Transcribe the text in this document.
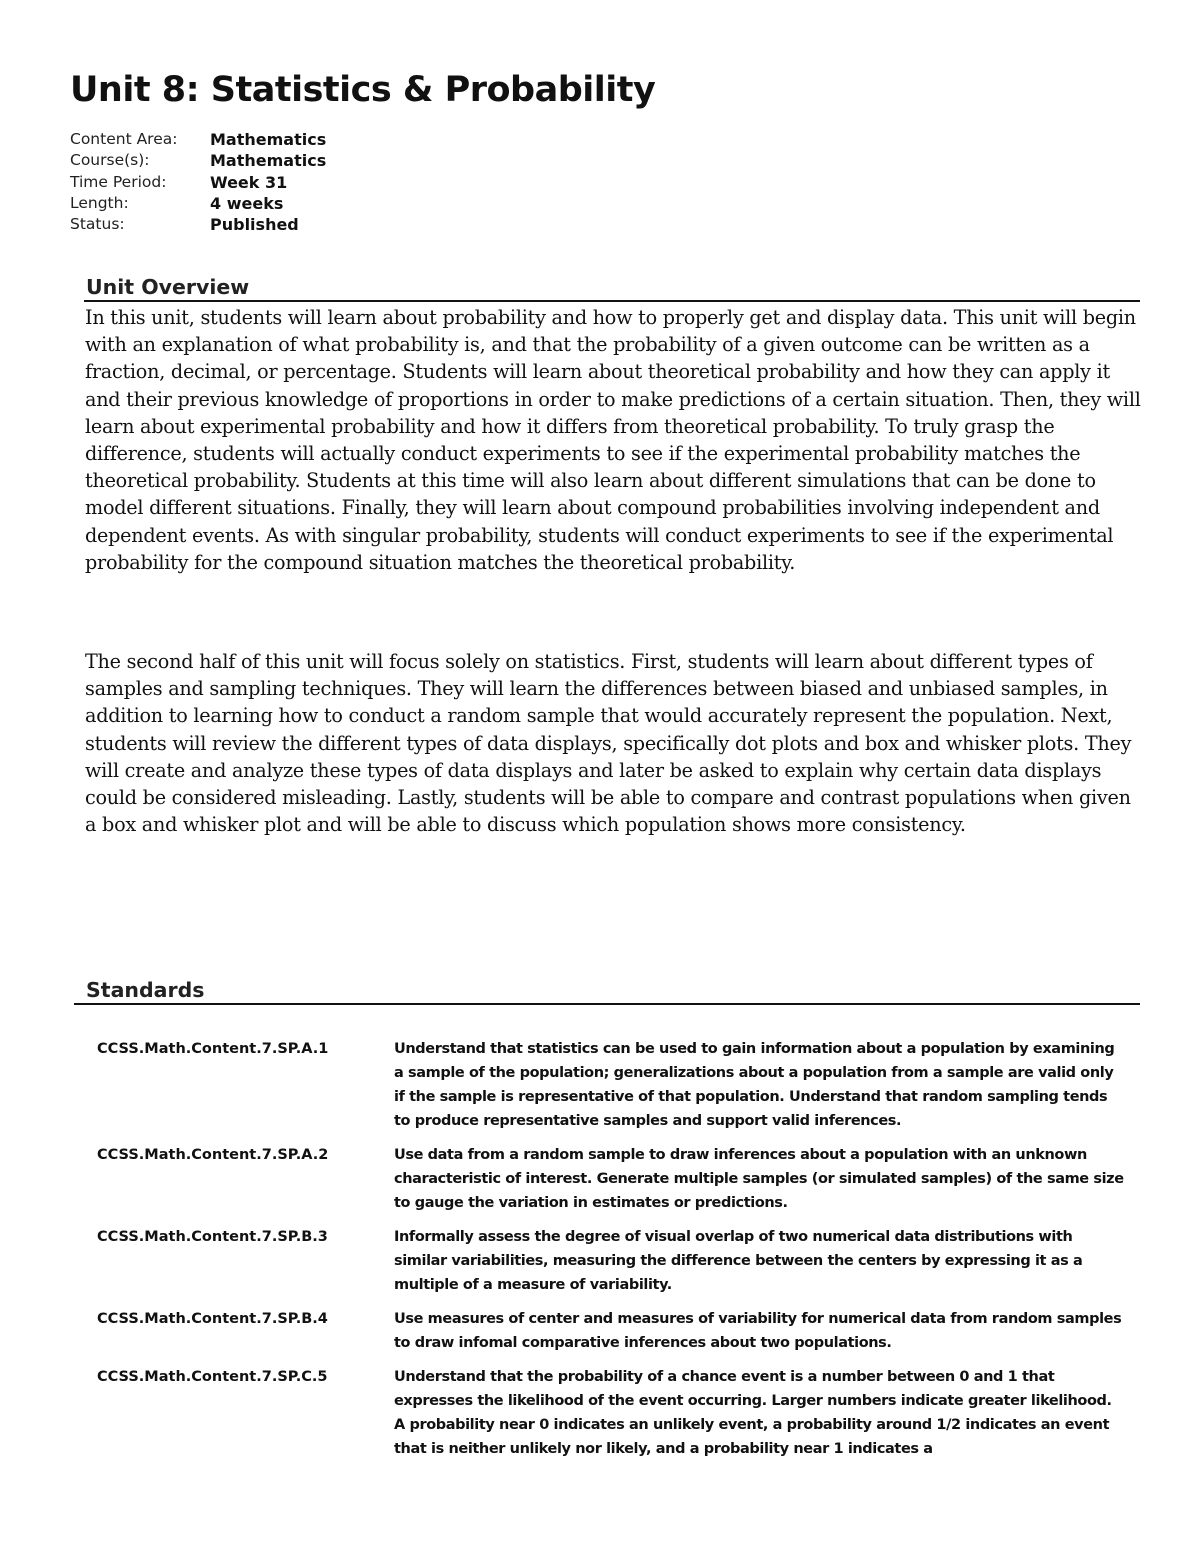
Unit 8: Statistics & Probability
Content Area:	Mathematics
Course(s):	Mathematics
Time Period:	Week 31
Length:	4 weeks
Status:	Published
Unit Overview

In this unit, students will learn about probability and how to properly get and display data. This unit will begin with an explanation of what probability is, and that the probability of a given outcome can be written as a fraction, decimal, or percentage. Students will learn about theoretical probability and how they can apply it and their previous knowledge of proportions in order to make predictions of a certain situation. Then, they will learn about experimental probability and how it differs from theoretical probability. To truly grasp the difference, students will actually conduct experiments to see if the experimental probability matches the theoretical probability. Students at this time will also learn about different simulations that can be done to model different situations. Finally, they will learn about compound probabilities involving independent and dependent events. As with singular probability, students will conduct experiments to see if the experimental probability for the compound situation matches the theoretical probability.

The second half of this unit will focus solely on statistics. First, students will learn about different types of samples and sampling techniques. They will learn the differences between biased and unbiased samples, in addition to learning how to conduct a random sample that would accurately represent the population. Next, students will review the different types of data displays, specifically dot plots and box and whisker plots. They will create and analyze these types of data displays and later be asked to explain why certain data displays could be considered misleading. Lastly, students will be able to compare and contrast populations when given a box and whisker plot and will be able to discuss which population shows more consistency.

Standards
CCSS.Math.Content.7.SP.A.1	Understand that statistics can be used to gain information about a population by examining a sample of the population; generalizations about a population from a sample are valid only if the sample is representative of that population. Understand that random sampling tends to produce representative samples and support valid inferences.
CCSS.Math.Content.7.SP.A.2	Use data from a random sample to draw inferences about a population with an unknown characteristic of interest. Generate multiple samples (or simulated samples) of the same size to gauge the variation in estimates or predictions.
CCSS.Math.Content.7.SP.B.3	Informally assess the degree of visual overlap of two numerical data distributions with similar variabilities, measuring the difference between the centers by expressing it as a multiple of a measure of variability.
CCSS.Math.Content.7.SP.B.4	Use measures of center and measures of variability for numerical data from random samples to draw infomal comparative inferences about two populations.
CCSS.Math.Content.7.SP.C.5	Understand that the probability of a chance event is a number between 0 and 1 that expresses the likelihood of the event occurring. Larger numbers indicate greater likelihood. A probability near 0 indicates an unlikely event, a probability around 1/2 indicates an event that is neither unlikely nor likely, and a probability near 1 indicates a
